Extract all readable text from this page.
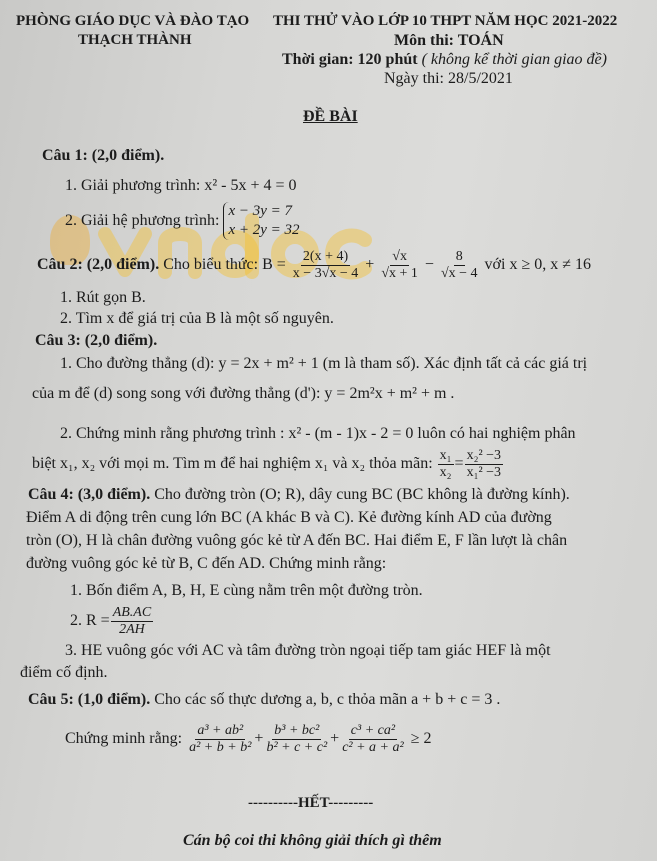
PHÒNG GIÁO DỤC VÀ ĐÀO TẠO
THẠCH THÀNH
THI THỬ VÀO LỚP 10 THPT NĂM HỌC 2021-2022
Môn thi: TOÁN
Thời gian: 120 phút ( không kể thời gian giao đề)
Ngày thi: 28/5/2021
ĐỀ BÀI
Câu 1: (2,0 điểm).
1. Giải phương trình: x² - 5x + 4 = 0
2. Giải hệ phương trình:
x − 3y = 7
x + 2y = 32
Câu 2: (2,0 điểm). Cho biểu thức: $B = \frac{2(x + 4)}{x - 3√x - 4} + \frac{√x}{√x + 1} - \frac{8}{√x - 4}$ với x ≥ 0, x ≠ 16
1. Rút gọn B.
2. Tìm x để giá trị của B là một số nguyên.
Câu 3: (2,0 điểm).
1. Cho đường thẳng (d): y = 2x + m² + 1 (m là tham số). Xác định tất cả các giá trị
của m để (d) song song với đường thẳng (d'): y = 2m²x + m² + m .
2. Chứng minh rằng phương trình : x² - (m - 1)x - 2 = 0 luôn có hai nghiệm phân
biệt x₁, x₂ với mọi m. Tìm m để hai nghiệm x₁ và x₂ thỏa mãn: $\frac{\text{x₁}}{\text{x₂}} = \frac{\text{x₂² −3}}{\text{x₁² −3}}$
Câu 4: (3,0 điểm). Cho đường tròn (O; R), dây cung BC (BC không là đường kính).
Điểm A di động trên cung lớn BC (A khác B và C). Kẻ đường kính AD của đường
tròn (O), H là chân đường vuông góc kẻ từ A đến BC. Hai điểm E, F lần lượt là chân
đường vuông góc kẻ từ B, C đến AD. Chứng minh rằng:
1. Bốn điểm A, B, H, E cùng nằm trên một đường tròn.
2. $R = \frac{AB.AC}{2AH}$
3. HE vuông góc với AC và tâm đường tròn ngoại tiếp tam giác HEF là một
điểm cố định.
Câu 5: (1,0 điểm). Cho các số thực dương a, b, c thỏa mãn a + b + c = 3 .
Chứng minh rằng: $\frac{\text{a³ + ab²}}{\text{a² + b + b²}} + \frac{\text{b³ + bc²}}{\text{b² + c + c²}} + \frac{\text{c³ + ca²}}{\text{c² + a + a²}} \ge 2$
----------HẾT---------
Cán bộ coi thi không giải thích gì thêm
